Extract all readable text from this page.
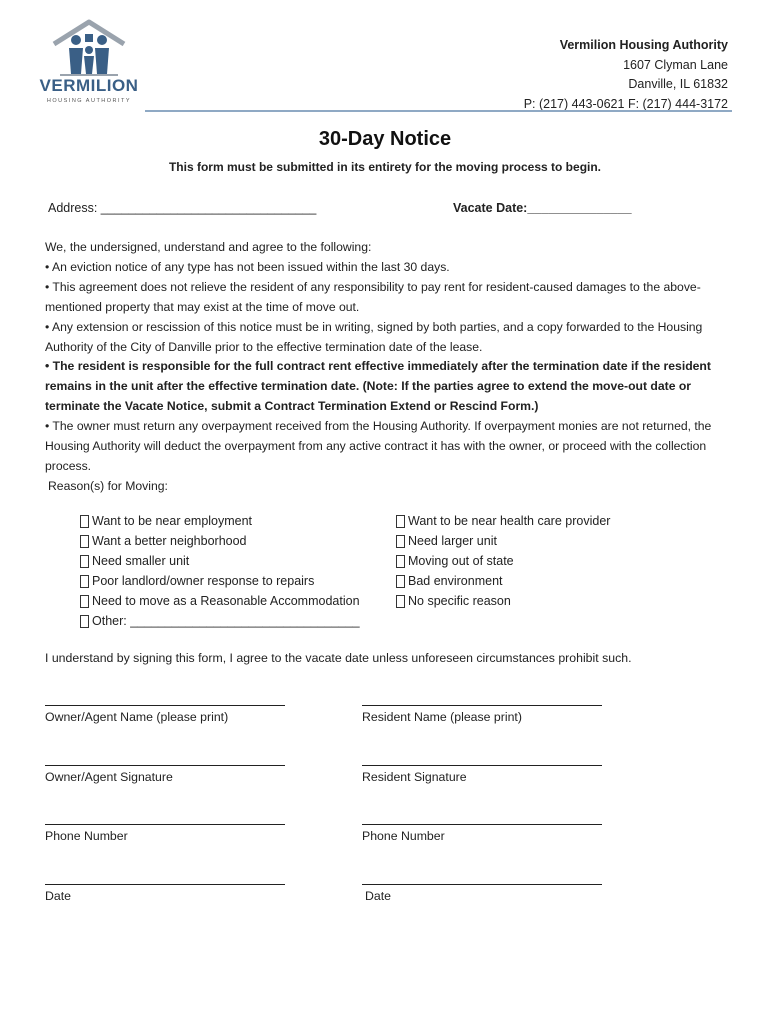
VERMILION
HOUSING AUTHORITY
Vermilion Housing Authority
1607 Clyman Lane
Danville, IL 61832
P: (217) 443-0621 F: (217) 444-3172
30-Day Notice
This form must be submitted in its entirety for the moving process to begin.
Address: _______________________________	Vacate Date:_______________

We, the undersigned, understand and agree to the following:

• An eviction notice of any type has not been issued within the last 30 days.

• This agreement does not relieve the resident of any responsibility to pay rent for resident-caused damages to the above-mentioned property that may exist at the time of move out.

• Any extension or rescission of this notice must be in writing, signed by both parties, and a copy forwarded to the Housing Authority of the City of Danville prior to the effective termination date of the lease.

• The resident is responsible for the full contract rent effective immediately after the termination date if the resident remains in the unit after the effective termination date. (Note: If the parties agree to extend the move-out date or terminate the Vacate Notice, submit a Contract Termination Extend or Rescind Form.)

• The owner must return any overpayment received from the Housing Authority. If overpayment monies are not returned, the Housing Authority will deduct the overpayment from any active contract it has with the owner, or proceed with the collection process.

Reason(s) for Moving:

Want to be near employment
Want a better neighborhood
Need smaller unit
Poor landlord/owner response to repairs
Need to move as a Reasonable Accommodation
Other: _________________________________
Want to be near health care provider
Need larger unit
Moving out of state
Bad environment
No specific reason
I understand by signing this form, I agree to the vacate date unless unforeseen circumstances prohibit such.
Owner/Agent Name (please print)	Resident Name (please print)
Owner/Agent Signature	Resident Signature
Phone Number	Phone Number
Date	Date
